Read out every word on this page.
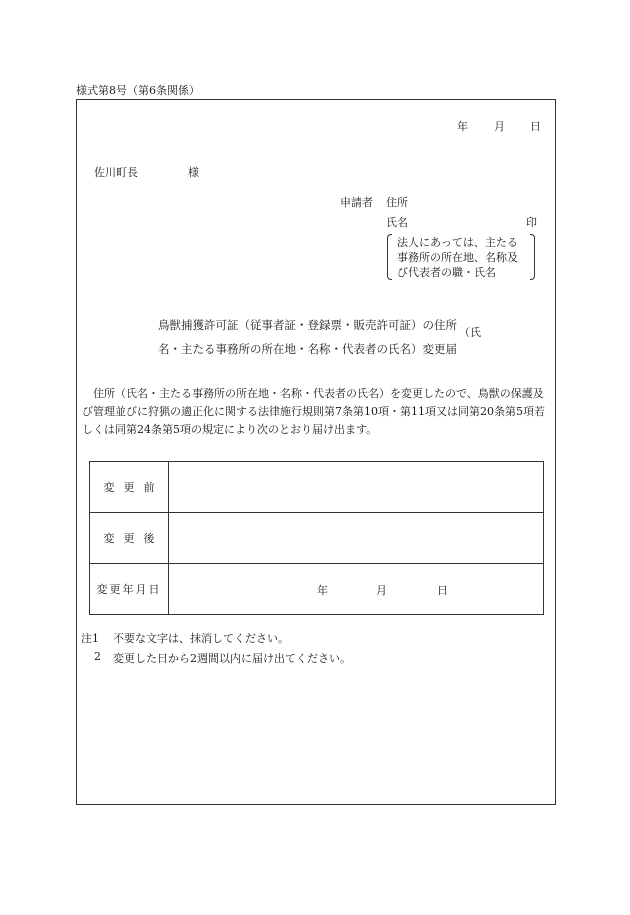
様式第8号（第6条関係）
年 月 日
佐川町長	様
申請者 住所
氏名	印
法人にあっては、主たる
事務所の所在地、名称及
び代表者の職・氏名
鳥獣捕獲許可証（従事者証・登録票・販売許可証）の住所
（氏
名・主たる事務所の所在地・名称・代表者の氏名）変更届
住所（氏名・主たる事務所の所在地・名称・代表者の氏名）を変更したので、鳥獣の保護及び管理並びに狩猟の適正化に関する法律施行規則第7条第10項・第11項又は同第20条第5項若しくは同第24条第5項の規定により次のとおり届け出ます。
変更前	
変更後	
変更年月日	年 月 日
注1 不要な文字は、抹消してください。
2 変更した日から2週間以内に届け出てください。
